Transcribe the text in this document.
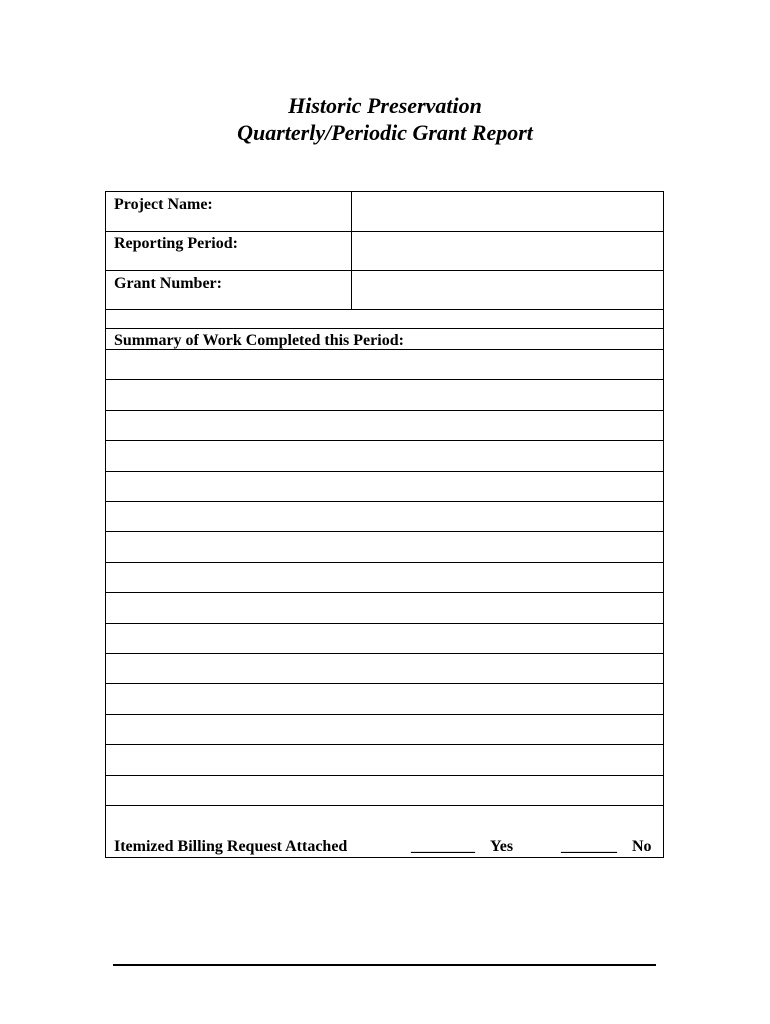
Historic Preservation
Quarterly/Periodic Grant Report
Project Name:
Reporting Period:
Grant Number:
Summary of Work Completed this Period:
Itemized Billing Request Attached	________ Yes	_______ No
